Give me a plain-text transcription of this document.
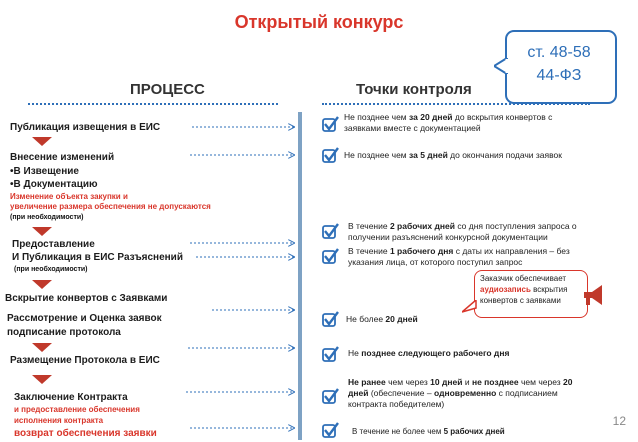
Открытый конкурс
ст. 48-58
44-ФЗ
ПРОЦЕСС	Точки контроля
Публикация извещения в ЕИС
Внесение изменений
•В Извещение
•В Документацию
Изменение объекта закупки и
увеличение размера обеспечения не допускаются
(при необходимости)
Предоставление
И Публикация в ЕИС Разъяснений
(при необходимости)
Вскрытие конвертов с Заявками
Рассмотрение и Оценка заявок
подписание протокола
Размещение Протокола в ЕИС
Заключение Контракта
и предоставление обеспечения
исполнения контракта
возврат обеспечения заявки
Не позднее чем за 20 дней до вскрытия конвертов с заявками вместе с документацией
Не позднее чем за 5 дней до окончания подачи заявок
В течение 2 рабочих дней со дня поступления запроса о получении разъяснений конкурсной документации
В течение 1 рабочего дня с даты их направления – без указания лица, от которого поступил запрос
Не более 20 дней
Не позднее следующего рабочего дня
Не ранее чем через 10 дней и не позднее чем через 20 дней (обеспечение – одновременно с подписанием контракта победителем)
В течение не более чем 5 рабочих дней
Заказчик обеспечивает
аудиозапись вскрытия
конвертов с заявками
12
